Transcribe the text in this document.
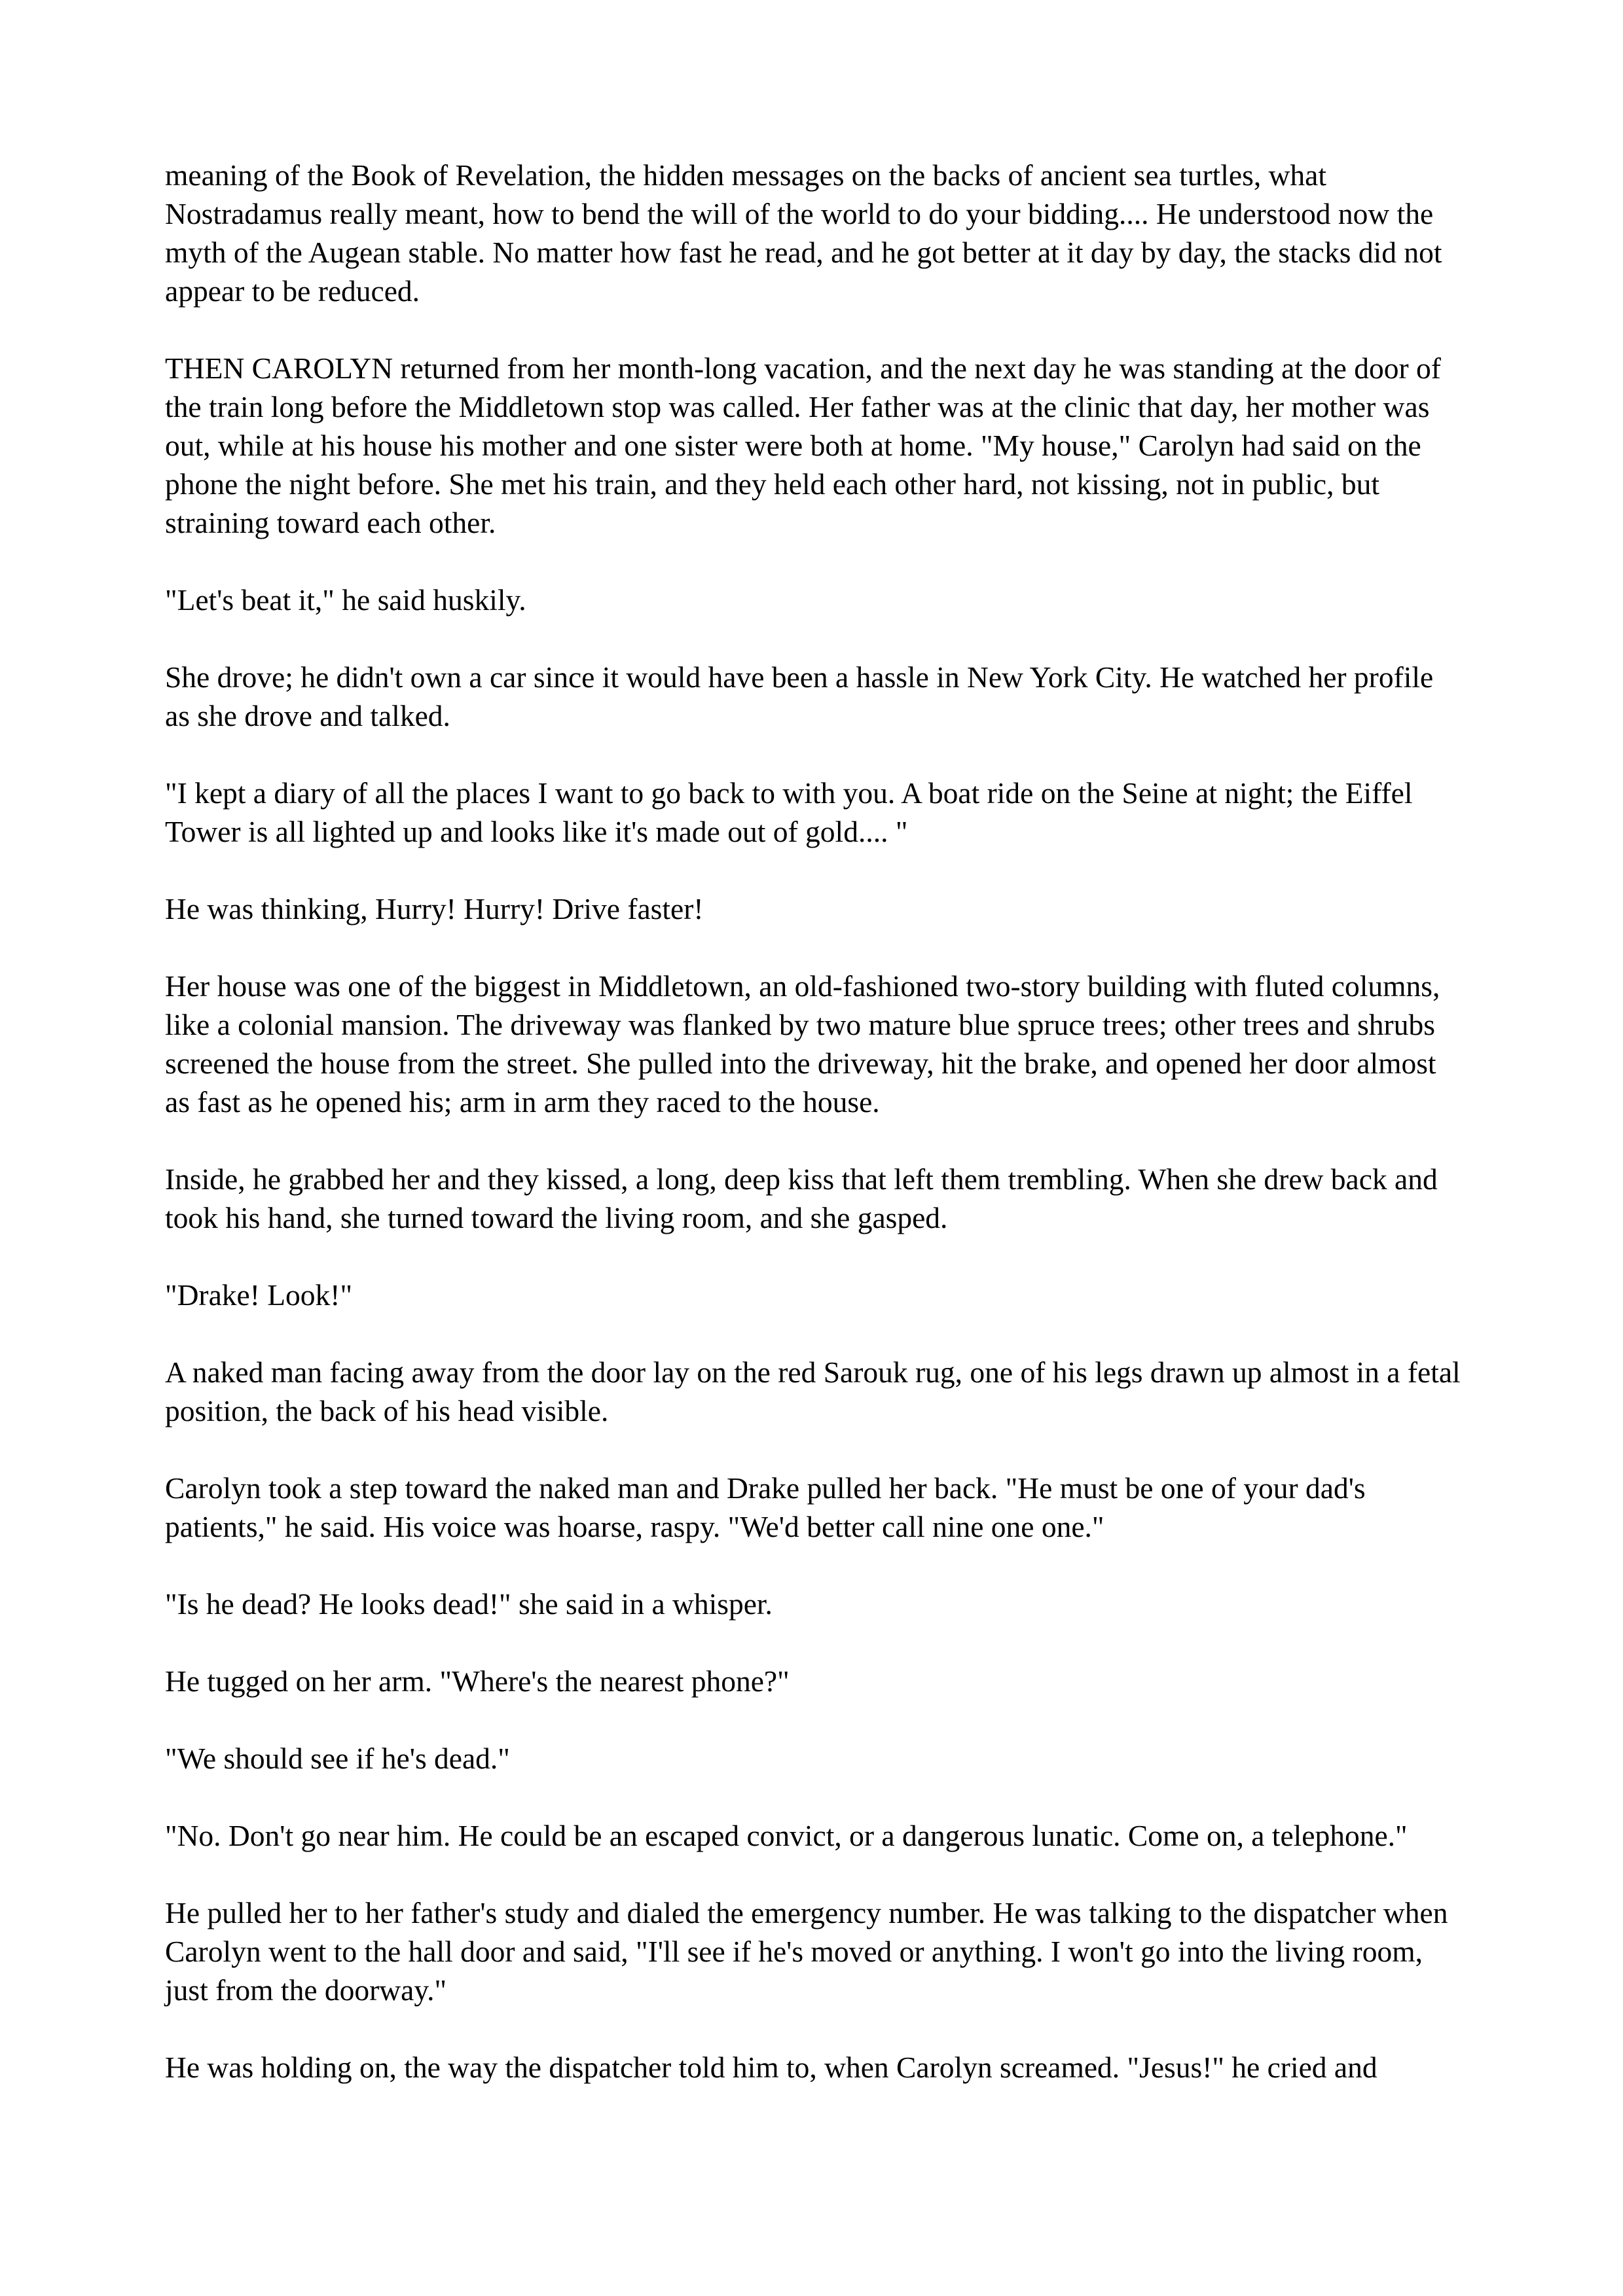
meaning of the Book of Revelation, the hidden messages on the backs of ancient sea turtles, what Nostradamus really meant, how to bend the will of the world to do your bidding.... He understood now the myth of the Augean stable. No matter how fast he read, and he got better at it day by day, the stacks did not appear to be reduced.

THEN CAROLYN returned from her month-long vacation, and the next day he was standing at the door of the train long before the Middletown stop was called. Her father was at the clinic that day, her mother was out, while at his house his mother and one sister were both at home. "My house," Carolyn had said on the phone the night before. She met his train, and they held each other hard, not kissing, not in public, but straining toward each other.

"Let's beat it," he said huskily.

She drove; he didn't own a car since it would have been a hassle in New York City. He watched her profile as she drove and talked.

"I kept a diary of all the places I want to go back to with you. A boat ride on the Seine at night; the Eiffel Tower is all lighted up and looks like it's made out of gold.... "

He was thinking, Hurry! Hurry! Drive faster!

Her house was one of the biggest in Middletown, an old-fashioned two-story building with fluted columns, like a colonial mansion. The driveway was flanked by two mature blue spruce trees; other trees and shrubs screened the house from the street. She pulled into the driveway, hit the brake, and opened her door almost as fast as he opened his; arm in arm they raced to the house.

Inside, he grabbed her and they kissed, a long, deep kiss that left them trembling. When she drew back and took his hand, she turned toward the living room, and she gasped.

"Drake! Look!"

A naked man facing away from the door lay on the red Sarouk rug, one of his legs drawn up almost in a fetal position, the back of his head visible.

Carolyn took a step toward the naked man and Drake pulled her back. "He must be one of your dad's patients," he said. His voice was hoarse, raspy. "We'd better call nine one one."

"Is he dead? He looks dead!" she said in a whisper.

He tugged on her arm. "Where's the nearest phone?"

"We should see if he's dead."

"No. Don't go near him. He could be an escaped convict, or a dangerous lunatic. Come on, a telephone."

He pulled her to her father's study and dialed the emergency number. He was talking to the dispatcher when Carolyn went to the hall door and said, "I'll see if he's moved or anything. I won't go into the living room, just from the doorway."

He was holding on, the way the dispatcher told him to, when Carolyn screamed. "Jesus!" he cried and
